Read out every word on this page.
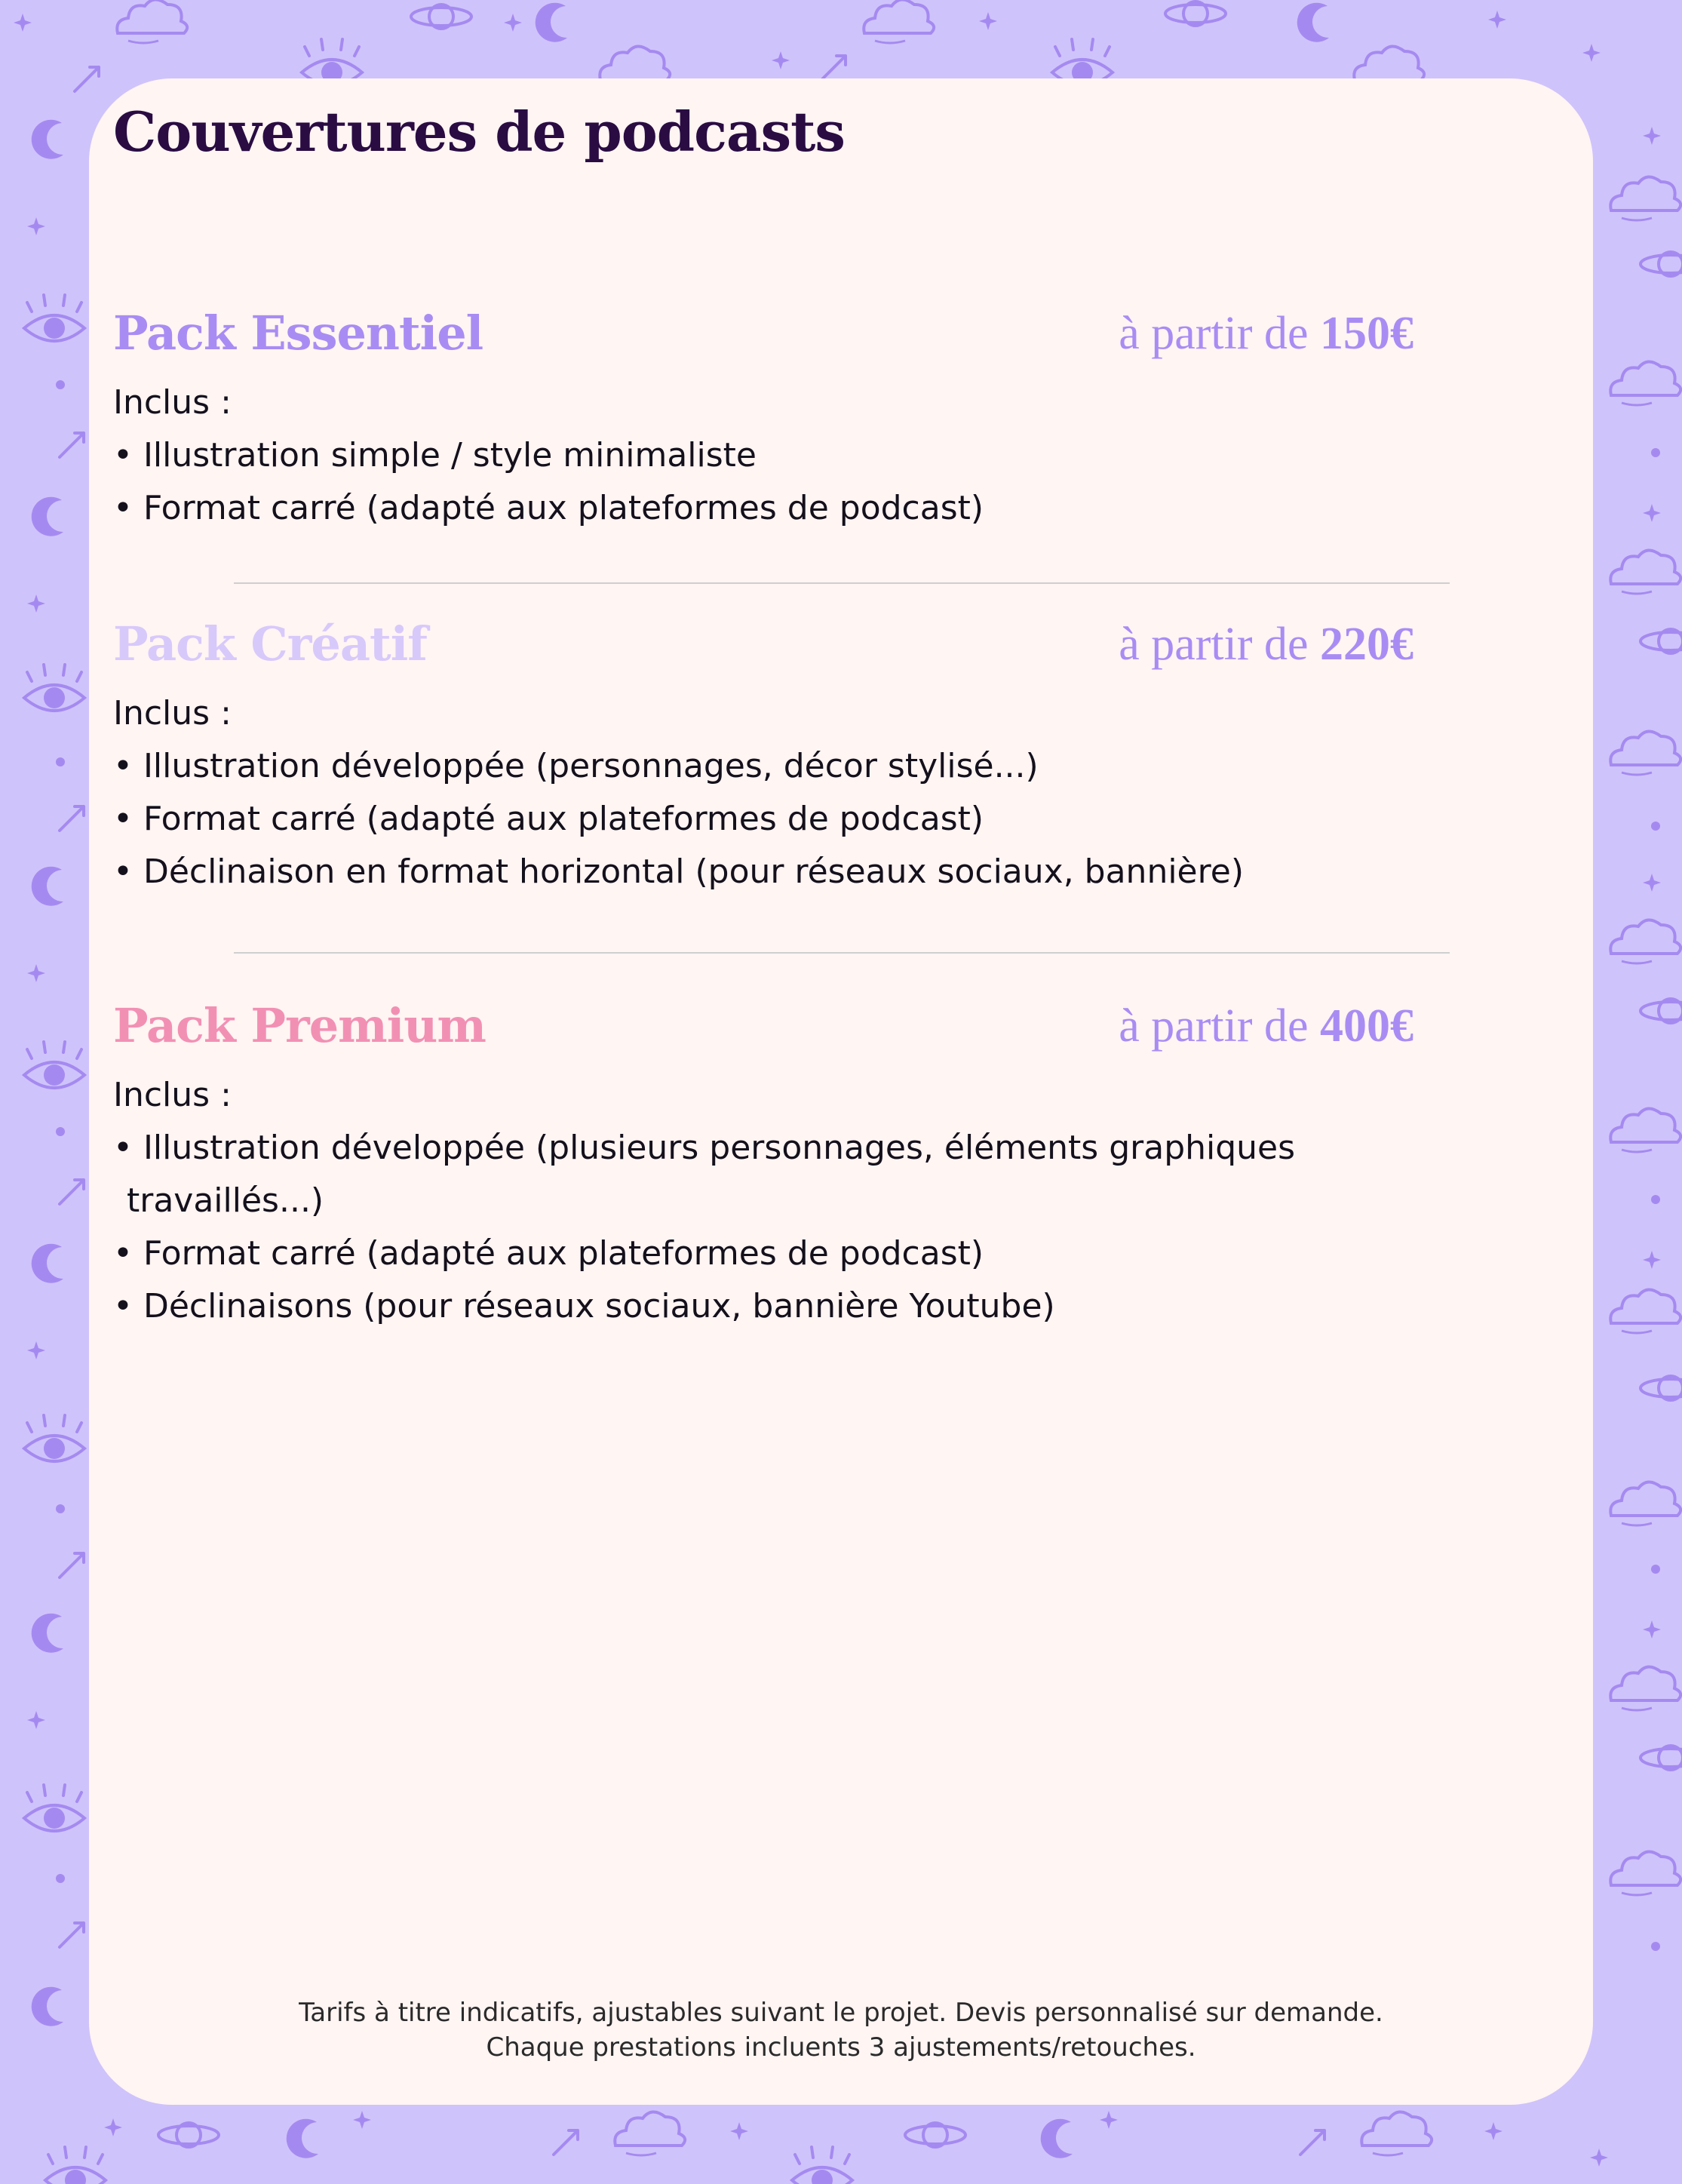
Couvertures de podcasts
Pack Essentiel	à partir de 150€
Inclus :
• Illustration simple / style minimaliste
• Format carré (adapté aux plateformes de podcast)
Pack Créatif	à partir de 220€
Inclus :
• Illustration développée (personnages, décor stylisé...)
• Format carré (adapté aux plateformes de podcast)
• Déclinaison en format horizontal (pour réseaux sociaux, bannière)
Pack Premium	à partir de 400€
Inclus :
• Illustration développée (plusieurs personnages, éléments graphiques
travaillés...)
• Format carré (adapté aux plateformes de podcast)
• Déclinaisons (pour réseaux sociaux, bannière Youtube)
Tarifs à titre indicatifs, ajustables suivant le projet. Devis personnalisé sur demande.
Chaque prestations incluents 3 ajustements/retouches.
